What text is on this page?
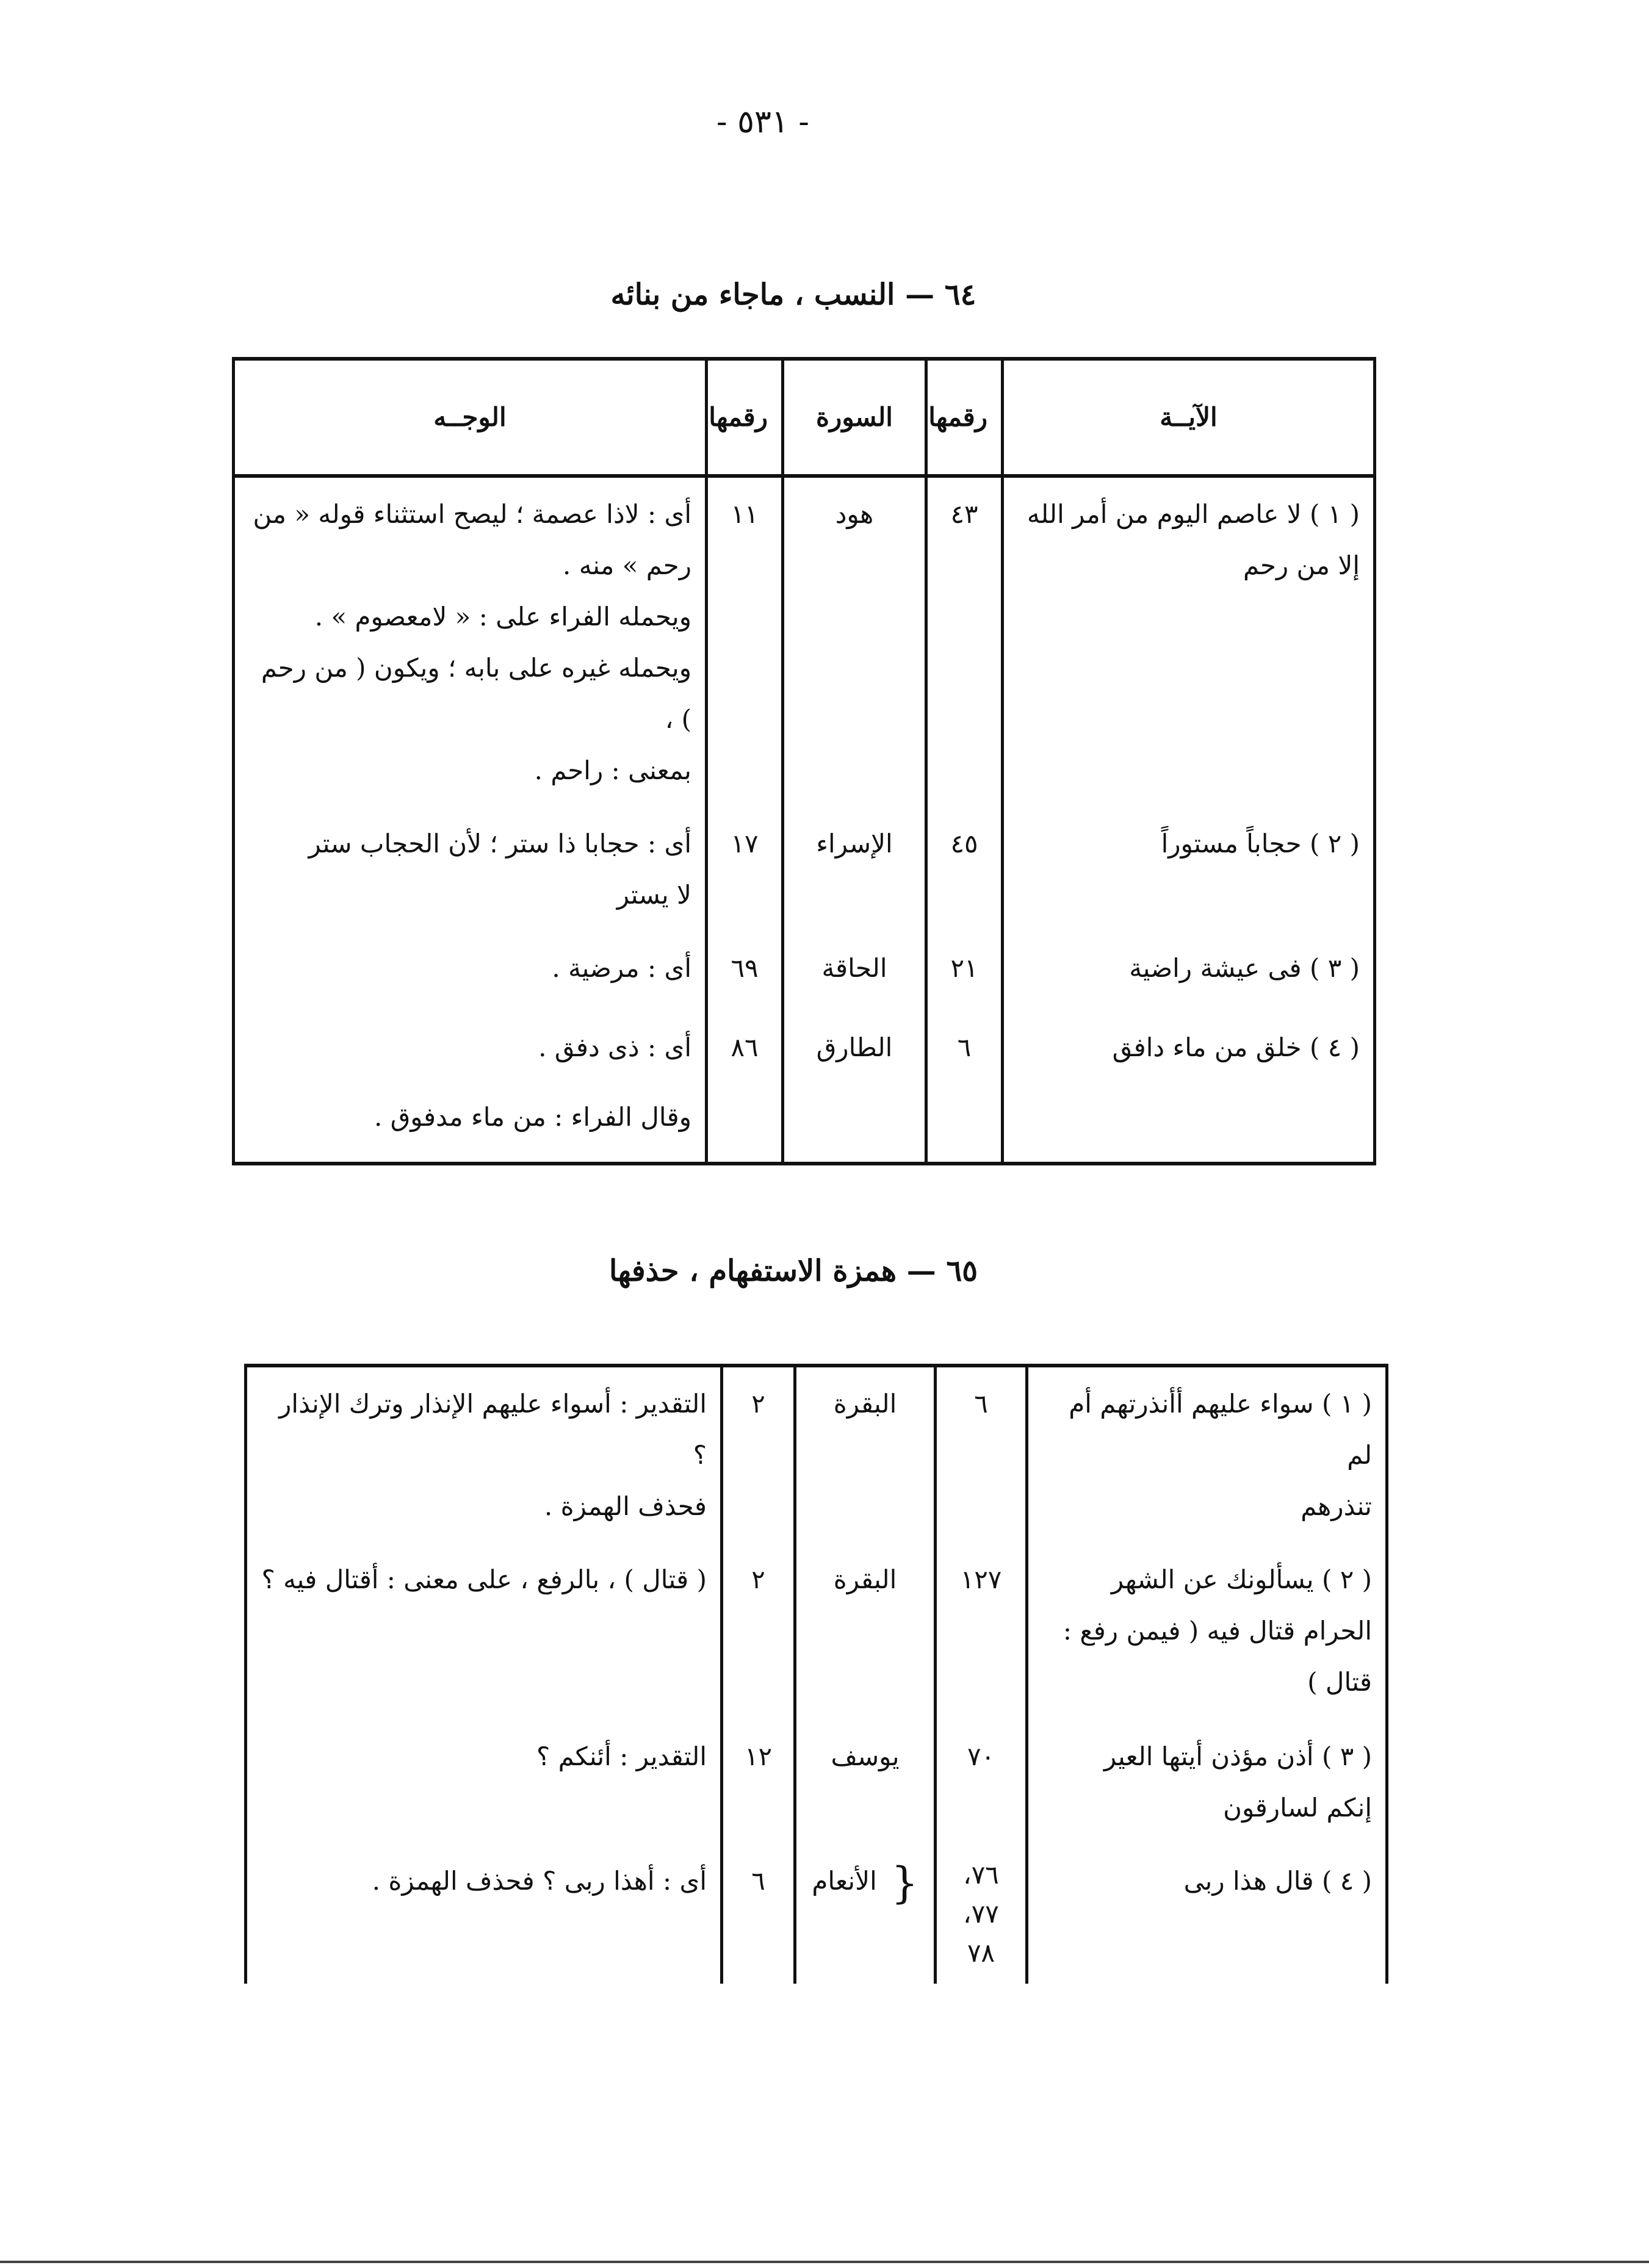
- ٥٣١ -
٦٤ — النسب ، ماجاء من بنائه
الآيــة	رقمها	السورة	رقمها	الوجــه

( ١ ) لا عاصم اليوم من أمر الله
إلا من رحم	٤٣	هود	١١	أى : لاذا عصمة ؛ ليصح استثناء قوله « من
رحم » منه .
ويحمله الفراء على : « لامعصوم » .
ويحمله غيره على بابه ؛ ويكون ( من رحم ) ،
بمعنى : راحم .

( ٢ ) حجاباً مستوراً	٤٥	الإسراء	١٧	أى : حجابا ذا ستر ؛ لأن الحجاب ستر
لا يستر

( ٣ ) فى عيشة راضية	٢١	الحاقة	٦٩	أى : مرضية .

( ٤ ) خلق من ماء دافق	٦	الطارق	٨٦	أى : ذى دفق .
وقال الفراء : من ماء مدفوق .
٦٥ — همزة الاستفهام ، حذفها
( ١ ) سواء عليهم أأنذرتهم أم لم
تنذرهم	٦	البقرة	٢	التقدير : أسواء عليهم الإنذار وترك الإنذار ؟
فحذف الهمزة .

( ٢ ) يسألونك عن الشهر
الحرام قتال فيه ( فيمن رفع :
قتال )	١٢٧	البقرة	٢	( قتال ) ، بالرفع ، على معنى : أقتال فيه ؟

( ٣ ) أذن مؤذن أيتها العير
إنكم لسارقون	٧٠	يوسف	١٢	التقدير : أئنكم ؟

( ٤ ) قال هذا ربى	٧٦، ٧٧،
٧٨	{ الأنعام	٦	أى : أهذا ربى ؟ فحذف الهمزة .
